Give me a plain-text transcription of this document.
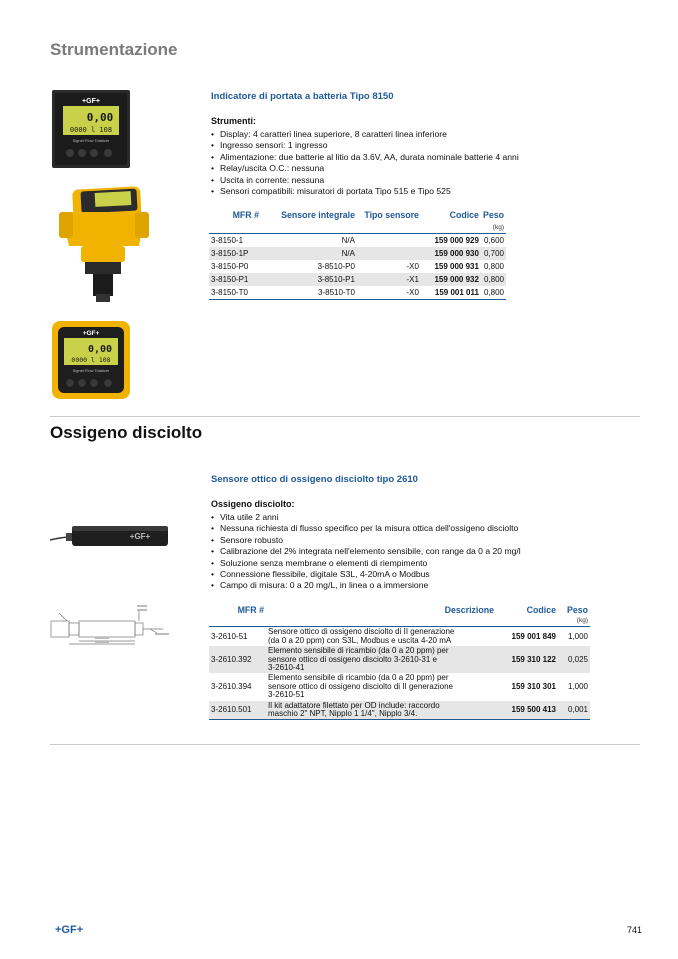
Strumentazione
+GF+
0,00
0000 l 108
Signet Flow Totalizer
+GF+
0,00
0000 l 108
Signet Flow Totalizer
Indicatore di portata a batteria Tipo 8150
Strumenti:
• Display: 4 caratteri linea superiore, 8 caratteri linea inferiore
• Ingresso sensori: 1 ingresso
• Alimentazione: due batterie al litio da 3.6V, AA, durata nominale batterie 4 anni
• Relay/uscita O.C.: nessuna
• Uscita in corrente: nessuna
• Sensori compatibili: misuratori di portata Tipo 515 e Tipo 525
MFR #	Sensore integrale	Tipo sensore	Codice	Peso
				(kg)
3-8150-1	N/A		159 000 929	0,600
3-8150-1P	N/A		159 000 930	0,700
3-8150-P0	3-8510-P0	-X0	159 000 931	0,800
3-8150-P1	3-8510-P1	-X1	159 000 932	0,800
3-8150-T0	3-8510-T0	-X0	159 001 011	0,800
Ossigeno disciolto
+GF+
Sensore ottico di ossigeno disciolto tipo 2610
Ossigeno disciolto:
• Vita utile 2 anni
• Nessuna richiesta di flusso specifico per la misura ottica dell'ossigeno disciolto
• Sensore robusto
• Calibrazione del 2% integrata nell'elemento sensibile, con range da 0 a 20 mg/l
• Soluzione senza membrane o elementi di riempimento
• Connessione flessibile, digitale S3L, 4-20mA o Modbus
• Campo di misura: 0 a 20 mg/L, in linea o a immersione
MFR #	Descrizione	Codice	Peso
			(kg)
3-2610-51	Sensore ottico di ossigeno disciolto di II generazione
(da 0 a 20 ppm) con S3L, Modbus e uscita 4-20 mA	159 001 849	1,000
3-2610.392	Elemento sensibile di ricambio (da 0 a 20 ppm) per
sensore ottico di ossigeno disciolto 3-2610-31 e
3-2610-41	159 310 122	0,025
3-2610.394	Elemento sensibile di ricambio (da 0 a 20 ppm) per
sensore ottico di ossigeno disciolto di II generazione
3-2610-51	159 310 301	1,000
3-2610.501	Il kit adattatore filettato per OD include: raccordo
maschio 2" NPT, Nipplo 1 1/4", Nipplo 3/4.	159 500 413	0,001
+GF+	741
